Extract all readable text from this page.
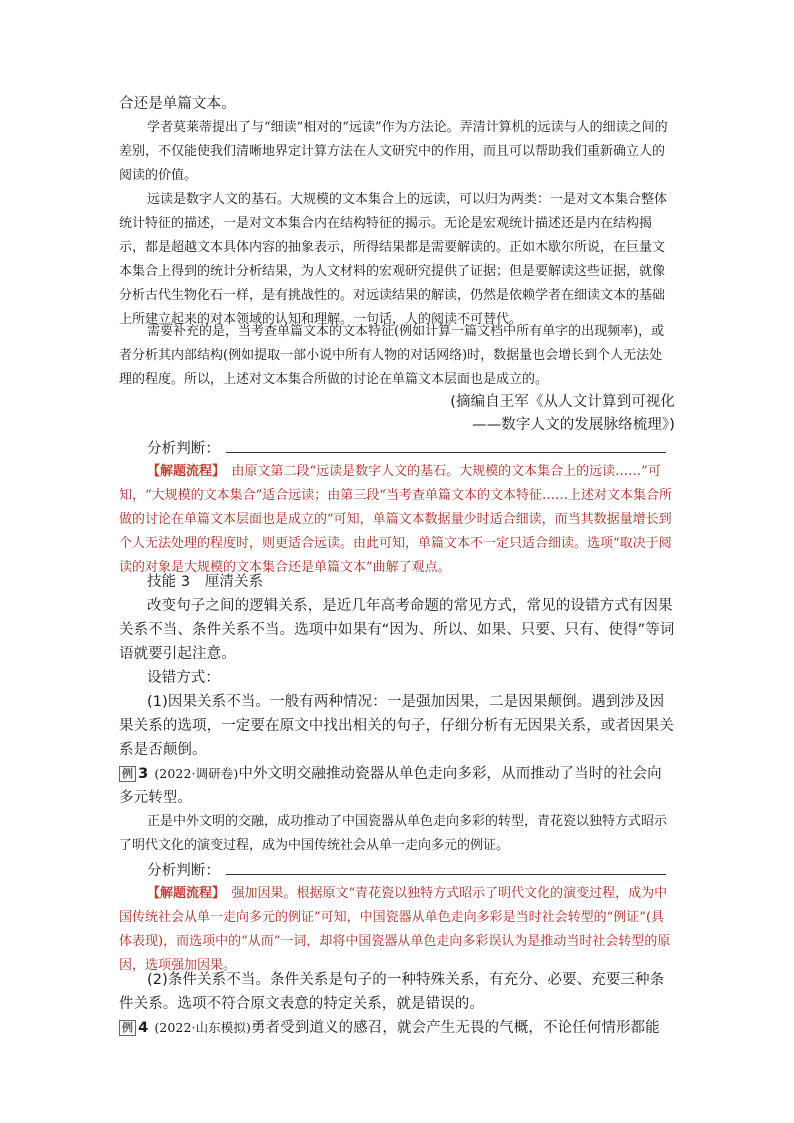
合还是单篇文本。

学者莫莱蒂提出了与“细读”相对的“远读”作为方法论。弄清计算机的远读与人的细读之间的差别，不仅能使我们清晰地界定计算方法在人文研究中的作用，而且可以帮助我们重新确立人的阅读的价值。

远读是数字人文的基石。大规模的文本集合上的远读，可以归为两类：一是对文本集合整体统计特征的描述，一是对文本集合内在结构特征的揭示。无论是宏观统计描述还是内在结构揭示，都是超越文本具体内容的抽象表示，所得结果都是需要解读的。正如木歇尔所说，在巨量文本集合上得到的统计分析结果，为人文材料的宏观研究提供了证据；但是要解读这些证据，就像分析古代生物化石一样，是有挑战性的。对远读结果的解读，仍然是依赖学者在细读文本的基础上所建立起来的对本领域的认知和理解。一句话，人的阅读不可替代。

需要补充的是，当考查单篇文本的文本特征(例如计算一篇文档中所有单字的出现频率)，或者分析其内部结构(例如提取一部小说中所有人物的对话网络)时，数据量也会增长到个人无法处理的程度。所以，上述对文本集合所做的讨论在单篇文本层面也是成立的。

(摘编自王军《从人文计算到可视化

——数字人文的发展脉络梳理》)

分析判断：

【解题流程】　 由原文第二段“远读是数字人文的基石。大规模的文本集合上的远读……”可知，“大规模的文本集合”适合远读；由第三段“当考查单篇文本的文本特征……上述对文本集合所做的讨论在单篇文本层面也是成立的”可知，单篇文本数据量少时适合细读，而当其数据量增长到个人无法处理的程度时，则更适合远读。由此可知，单篇文本不一定只适合细读。选项“取决于阅读的对象是大规模的文本集合还是单篇文本”曲解了观点。

技能 3　厘清关系

改变句子之间的逻辑关系，是近几年高考命题的常见方式，常见的设错方式有因果关系不当、条件关系不当。选项中如果有“因为、所以、如果、只要、只有、使得”等词语就要引起注意。

设错方式：

(1)因果关系不当。一般有两种情况：一是强加因果，二是因果颠倒。遇到涉及因果关系的选项，一定要在原文中找出相关的句子，仔细分析有无因果关系，或者因果关系是否颠倒。

例 3 (2022·调研卷)中外文明交融推动瓷器从单色走向多彩，从而推动了当时的社会向多元转型。

正是中外文明的交融，成功推动了中国瓷器从单色走向多彩的转型，青花瓷以独特方式昭示了明代文化的演变过程，成为中国传统社会从单一走向多元的例证。

分析判断：

【解题流程】　 强加因果。根据原文“青花瓷以独特方式昭示了明代文化的演变过程，成为中国传统社会从单一走向多元的例证”可知，中国瓷器从单色走向多彩是当时社会转型的“例证”(具体表现)，而选项中的“从而”一词，却将中国瓷器从单色走向多彩误认为是推动当时社会转型的原因，选项强加因果。

(2)条件关系不当。条件关系是句子的一种特殊关系，有充分、必要、充要三种条件关系。选项不符合原文表意的特定关系，就是错误的。

例 4 (2022·山东模拟)勇者受到道义的感召，就会产生无畏的气概，不论任何情形都能
